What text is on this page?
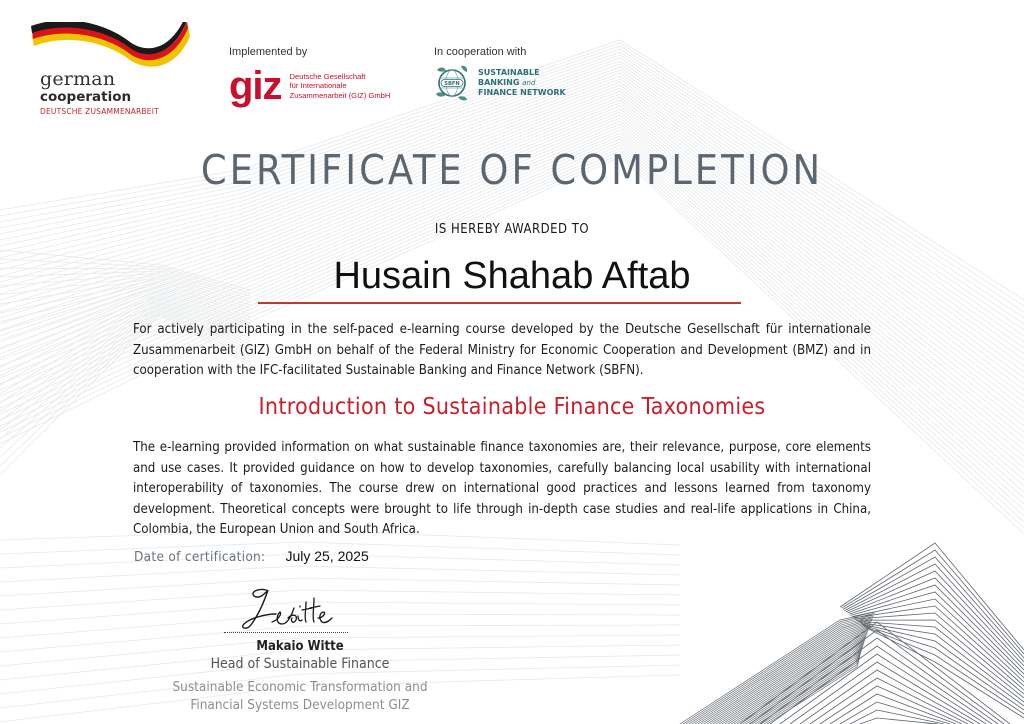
german
cooperation
DEUTSCHE ZUSAMMENARBEIT
Implemented by
giz Deutsche Gesellschaft
für Internationale
Zusammenarbeit (GIZ) GmbH
In cooperation with
SBFN
SUSTAINABLE
BANKING and
FINANCE NETWORK
CERTIFICATE OF COMPLETION
IS HEREBY AWARDED TO
Husain Shahab Aftab

For actively participating in the self-paced e-learning course developed by the Deutsche Gesellschaft für internationale Zusammenarbeit (GIZ) GmbH on behalf of the Federal Ministry for Economic Cooperation and Development (BMZ) and in cooperation with the IFC-facilitated Sustainable Banking and Finance Network (SBFN).

Introduction to Sustainable Finance Taxonomies

The e-learning provided information on what sustainable finance taxonomies are, their relevance, purpose, core elements and use cases. It provided guidance on how to develop taxonomies, carefully balancing local usability with international interoperability of taxonomies. The course drew on international good practices and lessons learned from taxonomy development. Theoretical concepts were brought to life through in-depth case studies and real-life applications in China, Colombia, the European Union and South Africa.

Date of certification: July 25, 2025
Makaio Witte
Head of Sustainable Finance
Sustainable Economic Transformation and
Financial Systems Development GIZ
